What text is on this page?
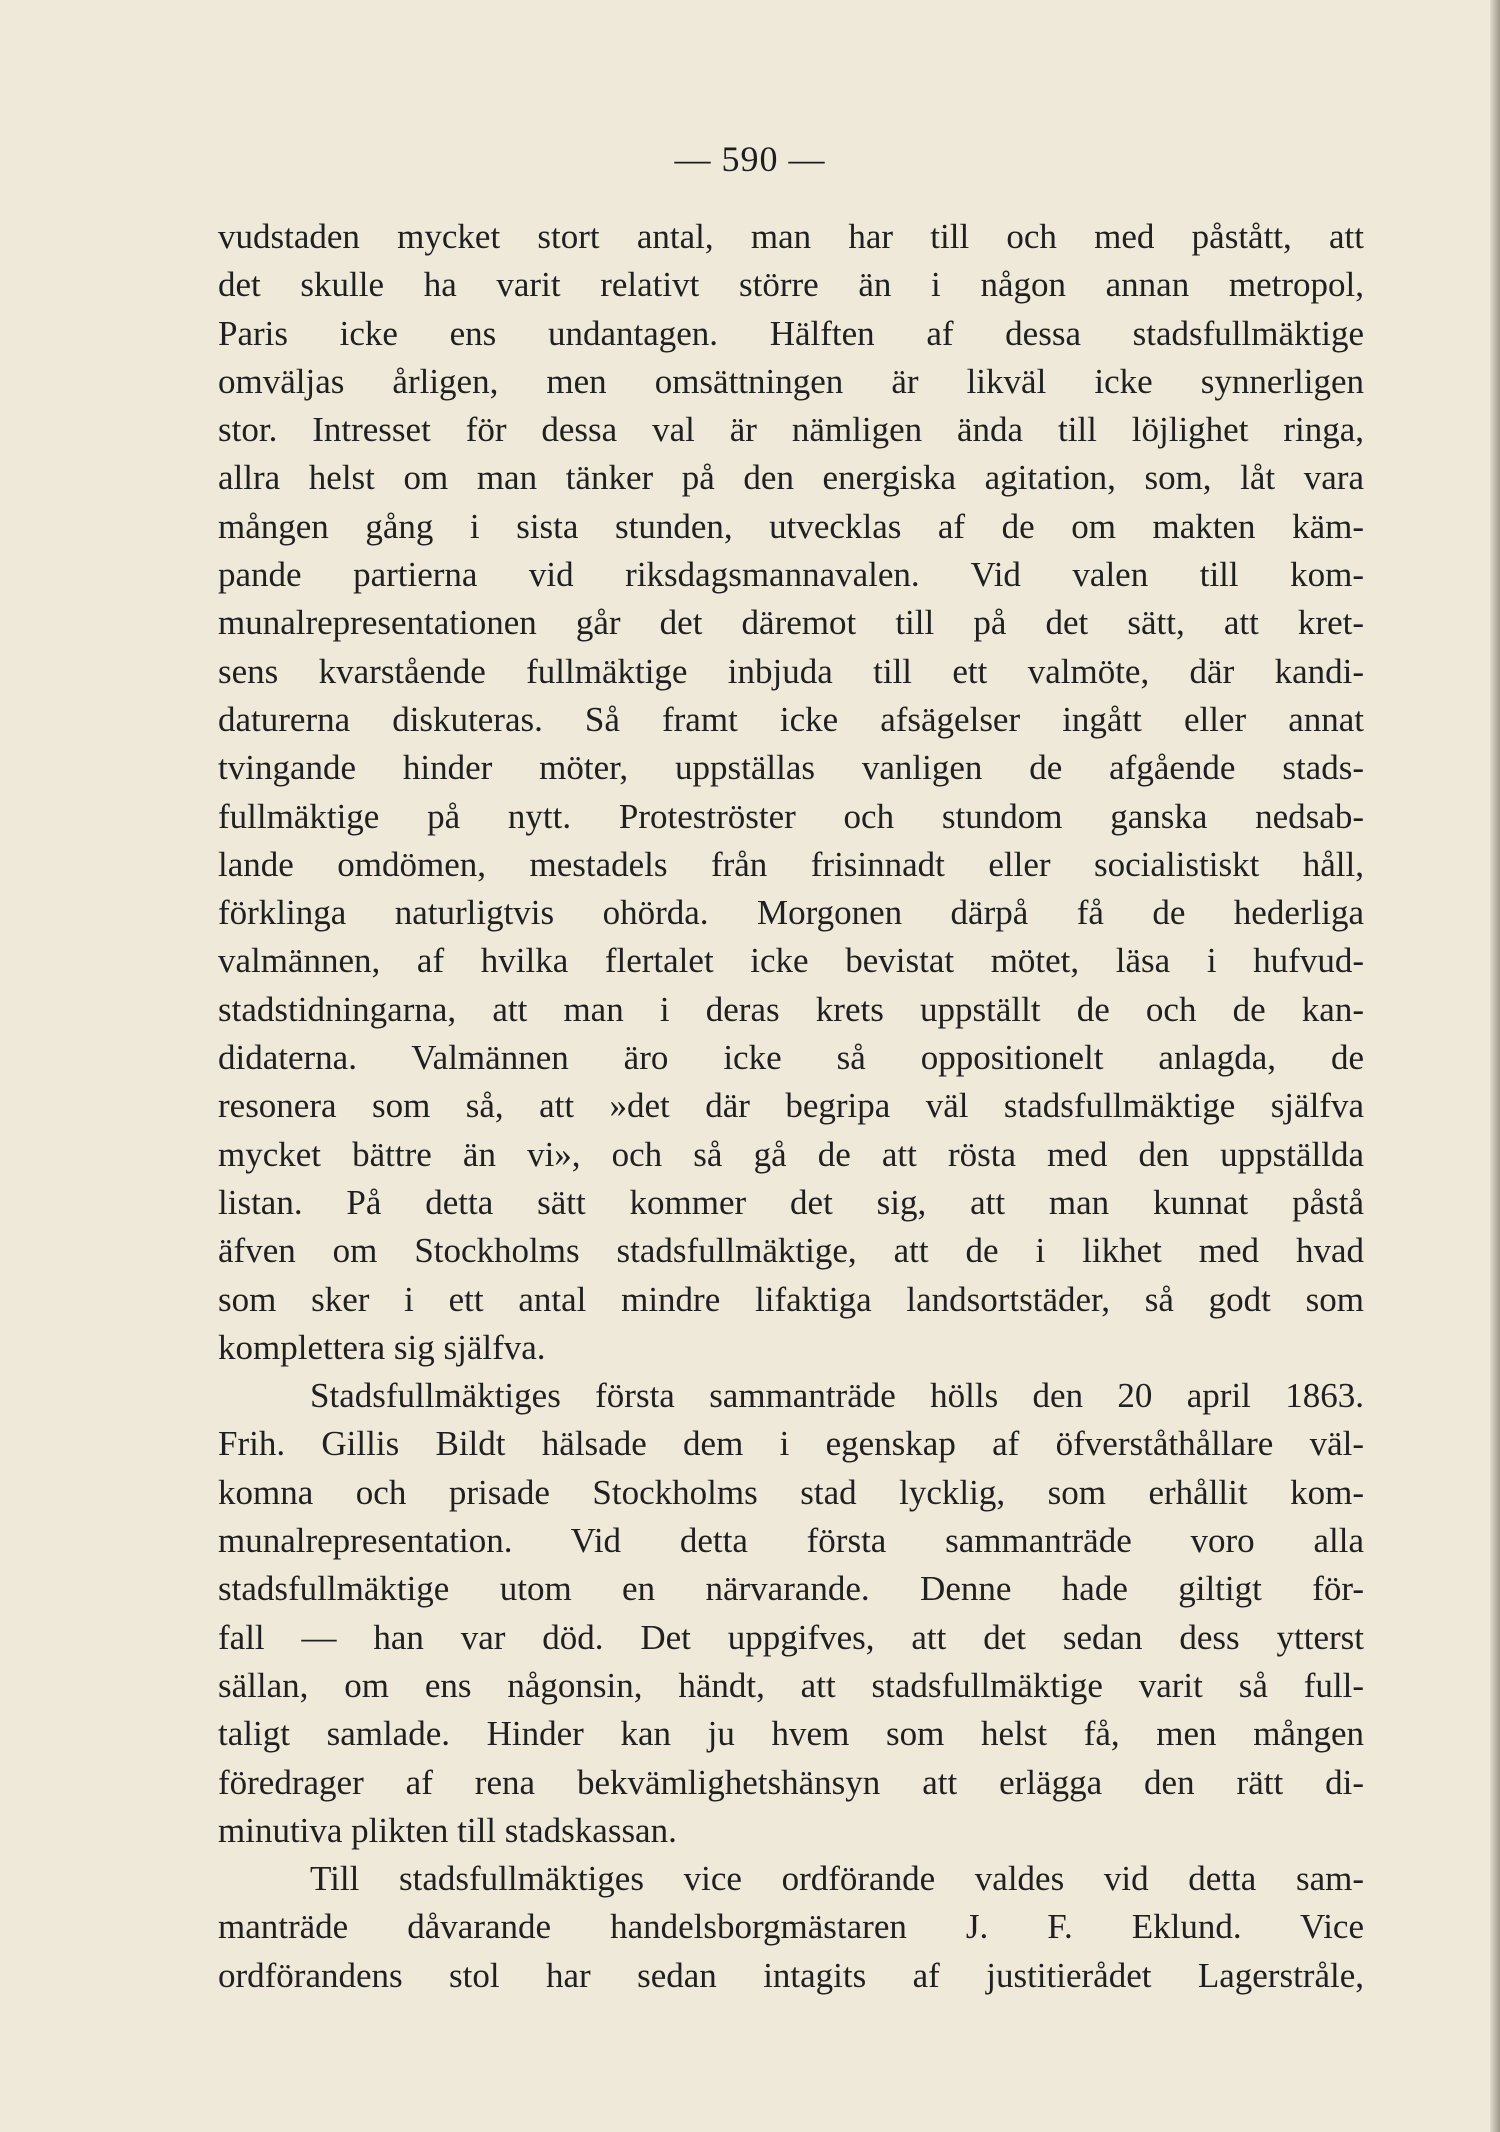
— 590 —
vudstaden mycket stort antal, man har till och med påstått, att
det skulle ha varit relativt större än i någon annan metropol,
Paris icke ens undantagen. Hälften af dessa stadsfullmäktige
omväljas årligen, men omsättningen är likväl icke synnerligen
stor. Intresset för dessa val är nämligen ända till löjlighet ringa,
allra helst om man tänker på den energiska agitation, som, låt vara
mången gång i sista stunden, utvecklas af de om makten käm-
pande partierna vid riksdagsmannavalen. Vid valen till kom-
munalrepresentationen går det däremot till på det sätt, att kret-
sens kvarstående fullmäktige inbjuda till ett valmöte, där kandi-
daturerna diskuteras. Så framt icke afsägelser ingått eller annat
tvingande hinder möter, uppställas vanligen de afgående stads-
fullmäktige på nytt. Proteströster och stundom ganska nedsab-
lande omdömen, mestadels från frisinnadt eller socialistiskt håll,
förklinga naturligtvis ohörda. Morgonen därpå få de hederliga
valmännen, af hvilka flertalet icke bevistat mötet, läsa i hufvud-
stadstidningarna, att man i deras krets uppställt de och de kan-
didaterna. Valmännen äro icke så oppositionelt anlagda, de
resonera som så, att »det där begripa väl stadsfullmäktige själfva
mycket bättre än vi», och så gå de att rösta med den uppställda
listan. På detta sätt kommer det sig, att man kunnat påstå
äfven om Stockholms stadsfullmäktige, att de i likhet med hvad
som sker i ett antal mindre lifaktiga landsortstäder, så godt som
komplettera sig själfva.
Stadsfullmäktiges första sammanträde hölls den 20 april 1863.
Frih. Gillis Bildt hälsade dem i egenskap af öfverståthållare väl-
komna och prisade Stockholms stad lycklig, som erhållit kom-
munalrepresentation. Vid detta första sammanträde voro alla
stadsfullmäktige utom en närvarande. Denne hade giltigt för-
fall — han var död. Det uppgifves, att det sedan dess ytterst
sällan, om ens någonsin, händt, att stadsfullmäktige varit så full-
taligt samlade. Hinder kan ju hvem som helst få, men mången
föredrager af rena bekvämlighetshänsyn att erlägga den rätt di-
minutiva plikten till stadskassan.
Till stadsfullmäktiges vice ordförande valdes vid detta sam-
manträde dåvarande handelsborgmästaren J. F. Eklund. Vice
ordförandens stol har sedan intagits af justitierådet Lagerstråle,
